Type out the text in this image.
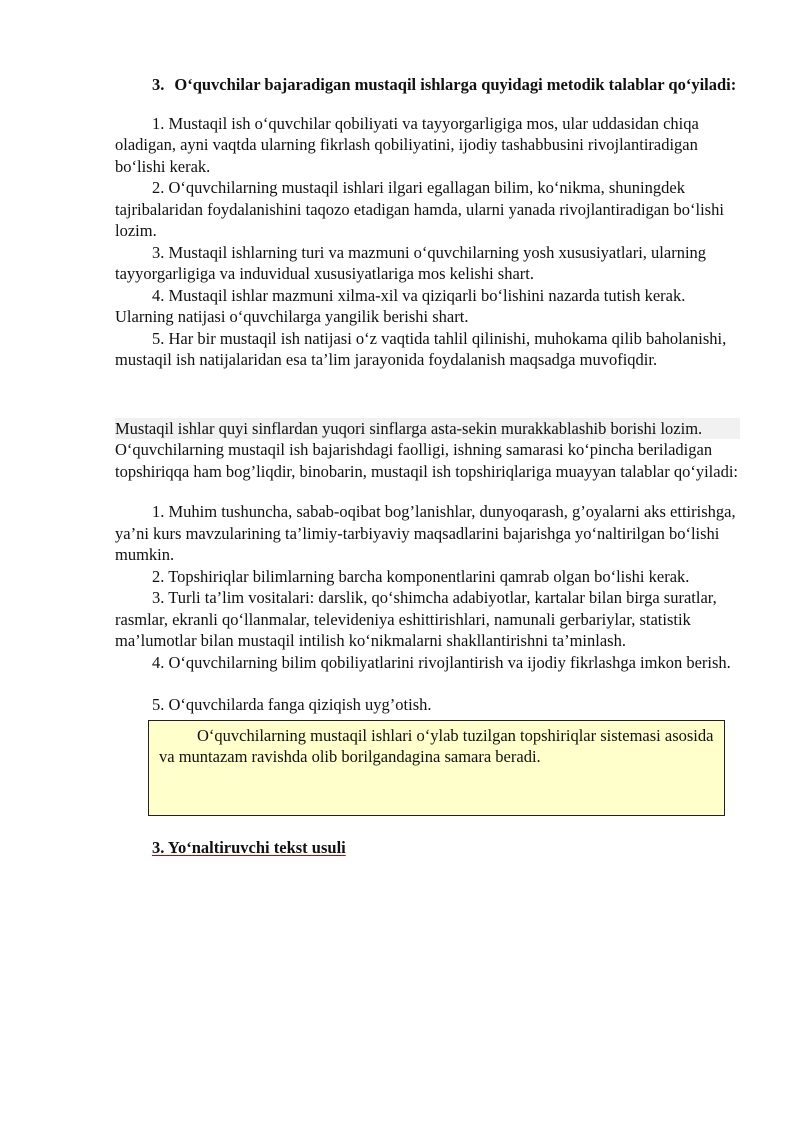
3. O‘quvchilar bajaradigan mustaqil ishlarga quyidagi metodik talablar qo‘yiladi:

1. Mustaqil ish o‘quvchilar qobiliyati va tayyorgarligiga mos, ular uddasidan chiqa oladigan, ayni vaqtda ularning fikrlash qobiliyatini, ijodiy tashabbusini rivojlantiradigan bo‘lishi kerak.

2. O‘quvchilarning mustaqil ishlari ilgari egallagan bilim, ko‘nikma, shuningdek tajribalaridan foydalanishini taqozo etadigan hamda, ularni yanada rivojlantiradigan bo‘lishi lozim.

3. Mustaqil ishlarning turi va mazmuni o‘quvchilarning yosh xususiyatlari, ularning tayyorgarligiga va induvidual xususiyatlariga mos kelishi shart.

4. Mustaqil ishlar mazmuni xilma-xil va qiziqarli bo‘lishini nazarda tutish kerak. Ularning natijasi o‘quvchilarga yangilik berishi shart.

5. Har bir mustaqil ish natijasi o‘z vaqtida tahlil qilinishi, muhokama qilib baholanishi, mustaqil ish natijalaridan esa ta’lim jarayonida foydalanish maqsadga muvofiqdir.

Mustaqil ishlar quyi sinflardan yuqori sinflarga asta-sekin murakkablashib borishi lozim.

O‘quvchilarning mustaqil ish bajarishdagi faolligi, ishning samarasi ko‘pincha beriladigan topshiriqqa ham bog’liqdir, binobarin, mustaqil ish topshiriqlariga muayyan talablar qo‘yiladi:

1. Muhim tushuncha, sabab-oqibat bog’lanishlar, dunyoqarash, g’oyalarni aks ettirishga, ya’ni kurs mavzularining ta’limiy-tarbiyaviy maqsadlarini bajarishga yo‘naltirilgan bo‘lishi mumkin.

2. Topshiriqlar bilimlarning barcha komponentlarini qamrab olgan bo‘lishi kerak.

3. Turli ta’lim vositalari: darslik, qo‘shimcha adabiyotlar, kartalar bilan birga suratlar, rasmlar, ekranli qo‘llanmalar, televideniya eshittirishlari, namunali gerbariylar, statistik ma’lumotlar bilan mustaqil intilish ko‘nikmalarni shakllantirishni ta’minlash.

4. O‘quvchilarning bilim qobiliyatlarini rivojlantirish va ijodiy fikrlashga imkon berish.

5. O‘quvchilarda fanga qiziqish uyg’otish.

O‘quvchilarning mustaqil ishlari o‘ylab tuzilgan topshiriqlar sistemasi asosida va muntazam ravishda olib borilgandagina samara beradi.

3. Yo‘naltiruvchi tekst usuli
